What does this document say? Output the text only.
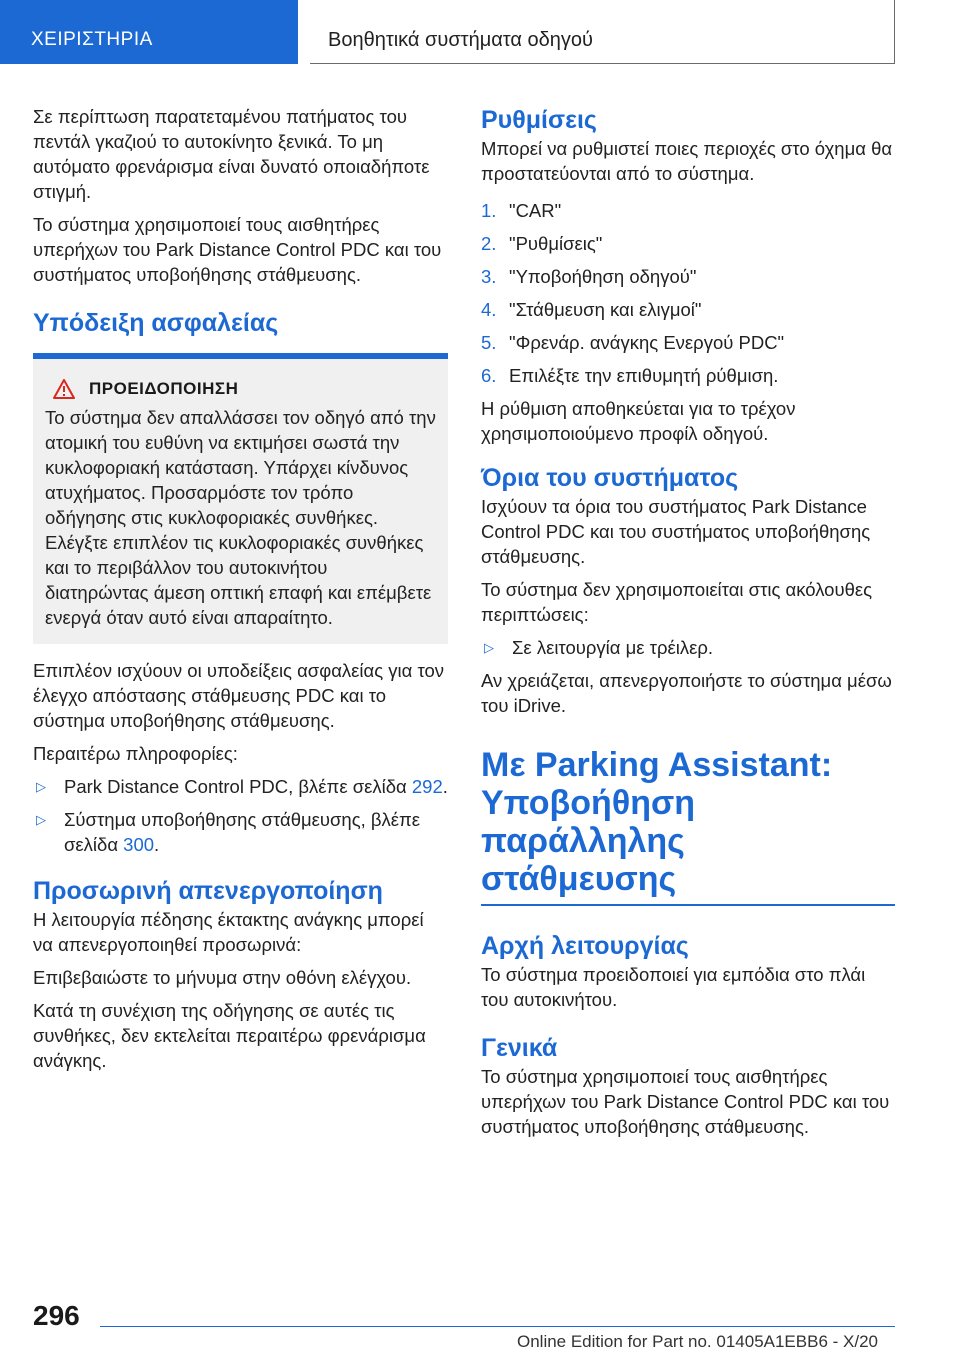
ΧΕΙΡΙΣΤΗΡΙΑ	Βοηθητικά συστήματα οδηγού

Σε περίπτωση παρατεταμένου πατήματος του πεντάλ γκαζιού το αυτοκίνητο ξενικά. Το μη αυτόματο φρενάρισμα είναι δυνατό οποιαδήποτε στιγμή.

Το σύστημα χρησιμοποιεί τους αισθητήρες υπερήχων του Park Distance Control PDC και του συστήματος υποβοήθησης στάθμευσης.

Υπόδειξη ασφαλείας
ΠΡΟΕΙΔΟΠΟΙΗΣΗ

Το σύστημα δεν απαλλάσσει τον οδηγό από την ατομική του ευθύνη να εκτιμήσει σωστά την κυκλοφοριακή κατάσταση. Υπάρχει κίνδυνος ατυχήματος. Προσαρμόστε τον τρόπο οδήγησης στις κυκλοφοριακές συνθήκες. Ελέγξτε επιπλέον τις κυκλοφοριακές συνθήκες και το περιβάλλον του αυτοκινήτου διατηρώντας άμεση οπτική επαφή και επέμβετε ενεργά όταν αυτό είναι απαραίτητο.

Επιπλέον ισχύουν οι υποδείξεις ασφαλείας για τον έλεγχο απόστασης στάθμευσης PDC και το σύστημα υποβοήθησης στάθμευσης.

Περαιτέρω πληροφορίες:

▷ Park Distance Control PDC, βλέπε σελίδα 292.
▷ Σύστημα υποβοήθησης στάθμευσης, βλέπε σελίδα 300.
Προσωρινή απενεργοποίηση

Η λειτουργία πέδησης έκτακτης ανάγκης μπορεί να απενεργοποιηθεί προσωρινά:

Επιβεβαιώστε το μήνυμα στην οθόνη ελέγχου.

Κατά τη συνέχιση της οδήγησης σε αυτές τις συνθήκες, δεν εκτελείται περαιτέρω φρενάρισμα ανάγκης.

Ρυθμίσεις

Μπορεί να ρυθμιστεί ποιες περιοχές στο όχημα θα προστατεύονται από το σύστημα.

1. "CAR"
2. "Ρυθμίσεις"
3. "Υποβοήθηση οδηγού"
4. "Στάθμευση και ελιγμοί"
5. "Φρενάρ. ανάγκης Ενεργού PDC"
6. Επιλέξτε την επιθυμητή ρύθμιση.

Η ρύθμιση αποθηκεύεται για το τρέχον χρησιμοποιούμενο προφίλ οδηγού.

Όρια του συστήματος

Ισχύουν τα όρια του συστήματος Park Distance Control PDC και του συστήματος υποβοήθησης στάθμευσης.

Το σύστημα δεν χρησιμοποιείται στις ακόλουθες περιπτώσεις:

▷ Σε λειτουργία με τρέιλερ.

Αν χρειάζεται, απενεργοποιήστε το σύστημα μέσω του iDrive.

Με Parking Assistant:
Υποβοήθηση παράλληλης
στάθμευσης
Αρχή λειτουργίας

Το σύστημα προειδοποιεί για εμπόδια στο πλάι του αυτοκινήτου.

Γενικά

Το σύστημα χρησιμοποιεί τους αισθητήρες υπερήχων του Park Distance Control PDC και του συστήματος υποβοήθησης στάθμευσης.

296
Online Edition for Part no. 01405A1EBB6 - X/20
